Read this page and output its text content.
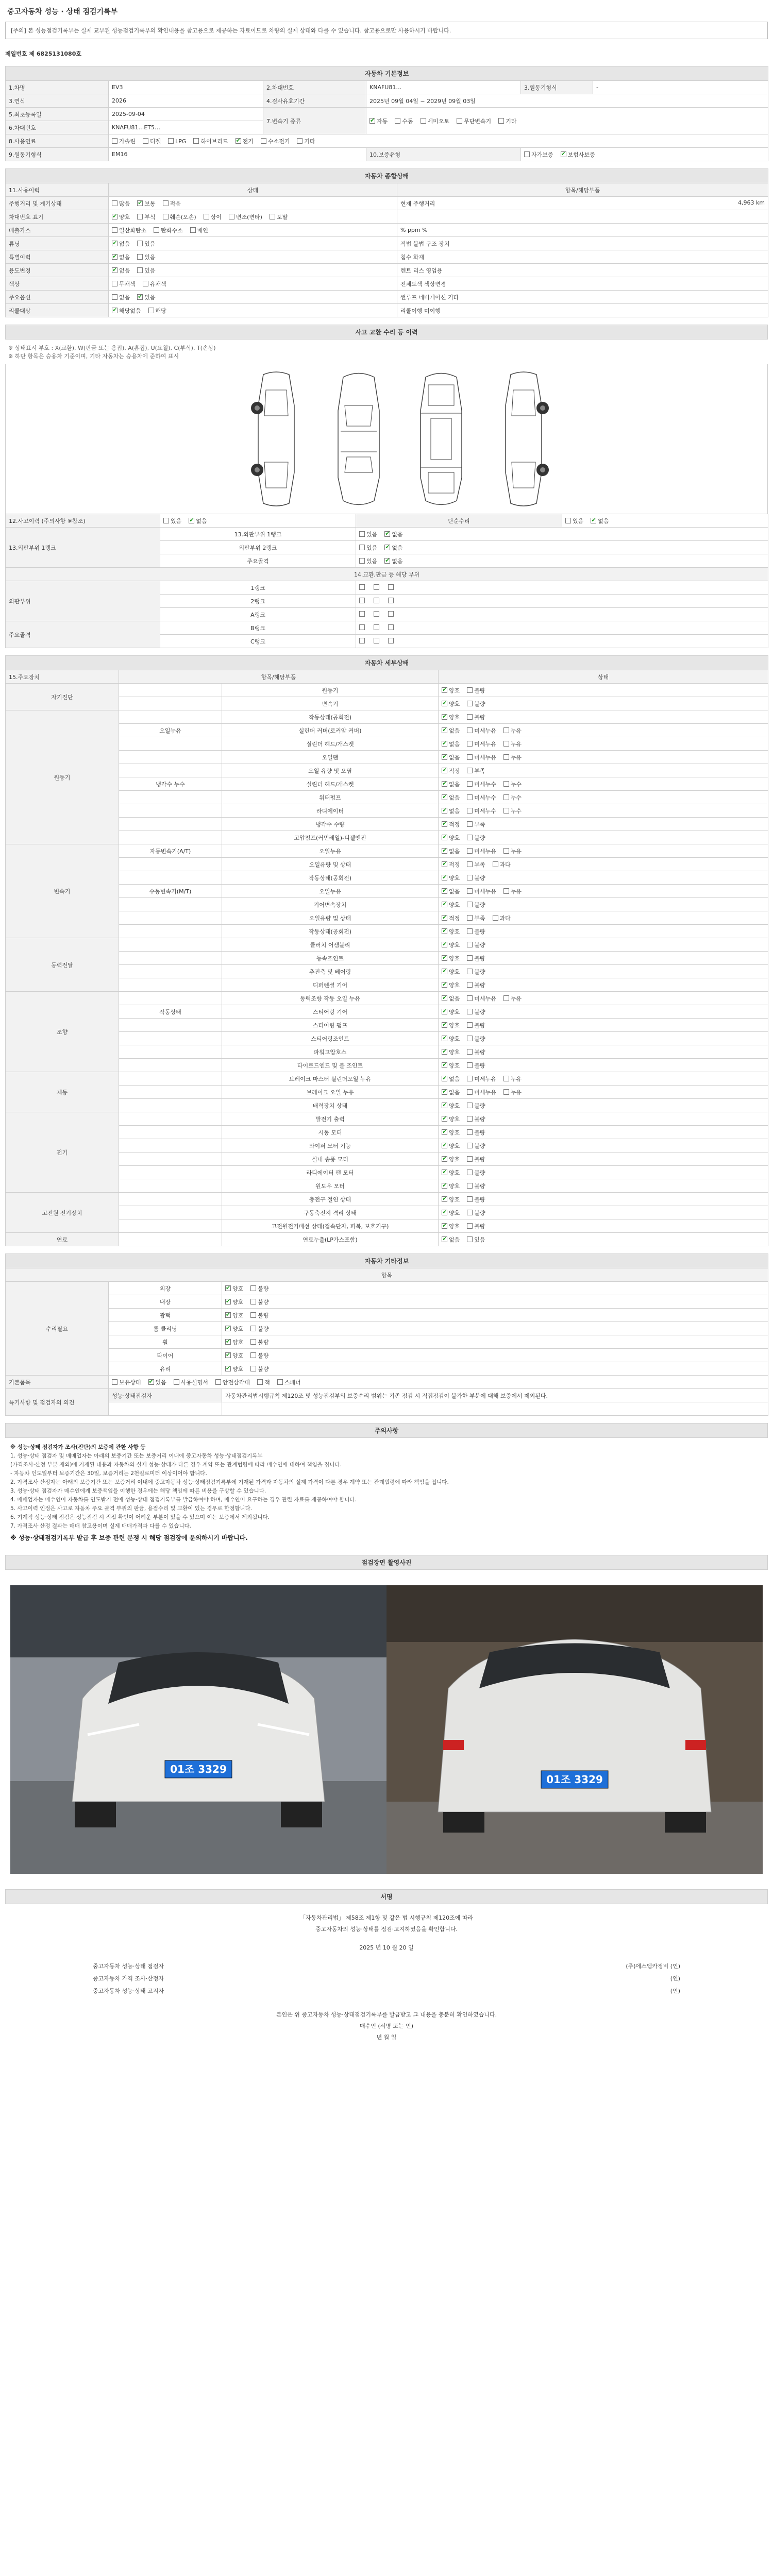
중고자동차 성능 · 상태 점검기록부
[주의] 본 성능점검기록부는 실제 교부된 성능점검기록부의 확인내용을 참고용으로 제공하는 자료이므로 차량의 실제 상태와 다를 수 있습니다. 참고용으로만 사용하시기 바랍니다.
제일번호 제 6825131080호
자동차 기본정보					
1.차명	EV3	2.차대번호	KNAFU81…	3.원동기형식	-
3.연식	2026	4.검사유효기간	2025년 09월 04일 ~ 2029년 09월 03일		
5.최초등록일	2025-09-04	7.변속기 종류	✔자동 수동 세미오토 무단변속기 기타
6.차대번호	KNAFU81…ET5…				
8.사용연료	가솔린 디젤 LPG 하이브리드 ✔ 전기 수소전기 기타
9.원동기형식	EM16		10.보증유형	자가보증 ✔ 보험사보증
자동차 종합상태		
11.사용이력	상태	항목/해당부품
주행거리 및 계기상태	많음 ✔ 보통 적음	현재 주행거리 4,963 km

차대번호 표기	✔양호 부식 훼손(오손) 상이 변조(변타) 도말	

배출가스	일산화탄소 탄화수소 매연	% ppm %

튜닝	✔없음 있음	적법 불법 구조 장치

특별이력	✔없음 있음	침수 화재

용도변경	✔없음 있음	렌트 리스 영업용

색상	무채색 유채색	전체도색 색상변경

주요옵션	없음 ✔ 있음	썬루프 네비게이션 기타

리콜대상	✔해당없음 해당	리콜이행 미이행
사고 교환 수리 등 이력
※ 상태표시 부호 : X(교환), W(판금 또는 용접), A(흠집), U(요철), C(부식), T(손상)
※ 하단 항목은 승용차 기준이며, 기타 자동차는 승용차에 준하여 표시
12.사고이력 (주의사항 ※참조)	있음 ✔ 없음	단순수리	있음 ✔ 없음
13.외판부위 1랭크	13.외판부위 1랭크	있음 ✔ 없음
	외판부위 2랭크	있음 ✔ 없음
	주요골격	있음 ✔ 없음
14.교환,판금 등 해당 부위			
외판부위	1랭크		
	2랭크		
	A랭크		
주요골격	B랭크		
	C랭크		
자동차 세부상태			
15.주요장치	항목/해당부품		상태
자기진단		원동기	✔양호 불량
		변속기	✔양호 불량
원동기		작동상태(공회전)	✔양호 불량
	오일누유	실린더 커버(로커암 커버)	✔없음 미세누유 누유
		실린더 헤드/개스켓	✔없음 미세누유 누유
		오일팬	✔없음 미세누유 누유
		오일 유량 및 오염	✔적정 부족
	냉각수 누수	실린더 헤드/개스켓	✔없음 미세누수 누수
		워터펌프	✔없음 미세누수 누수
		라디에이터	✔없음 미세누수 누수
		냉각수 수량	✔적정 부족
		고압펌프(커먼레일)-디젤엔진	✔양호 불량
변속기	자동변속기(A/T)	오일누유	✔없음 미세누유 누유
		오일유량 및 상태	✔적정 부족 과다
		작동상태(공회전)	✔양호 불량
	수동변속기(M/T)	오일누유	✔없음 미세누유 누유
		기어변속장치	✔양호 불량
		오일유량 및 상태	✔적정 부족 과다
		작동상태(공회전)	✔양호 불량
동력전달		클러치 어셈블리	✔양호 불량
		등속조인트	✔양호 불량
		추진축 및 베어링	✔양호 불량
		디퍼렌셜 기어	✔양호 불량
조향		동력조향 작동 오일 누유	✔없음 미세누유 누유
	작동상태	스티어링 기어	✔양호 불량
		스티어링 펌프	✔양호 불량
		스티어링조인트	✔양호 불량
		파워고압호스	✔양호 불량
		타이로드엔드 및 볼 조인트	✔양호 불량
제동		브레이크 마스터 실린더오일 누유	✔없음 미세누유 누유
		브레이크 오일 누유	✔없음 미세누유 누유
		배력장치 상태	✔양호 불량
전기		발전기 출력	✔양호 불량
		시동 모터	✔양호 불량
		와이퍼 모터 기능	✔양호 불량
		실내 송풍 모터	✔양호 불량
		라디에이터 팬 모터	✔양호 불량
		윈도우 모터	✔양호 불량
고전원 전기장치		충전구 절연 상태	✔양호 불량
		구동축전지 격리 상태	✔양호 불량
		고전원전기배선 상태(접속단자, 피복, 보호기구)	✔양호 불량
연료		연료누출(LP가스포함)	✔없음 있음
자동차 기타정보		
항목		
수리필요	외장	✔양호 불량
	내장	✔양호 불량
	광택	✔양호 불량
	룸 클리닝	✔양호 불량
	휠	✔양호 불량
	타이어	✔양호 불량
	유리	✔양호 불량
기본품목	보유상태 ✔ 있음 사용설명서 안전삼각대 잭 스패너
특기사항 및 점검자의 의견	성능·상태점검자	자동차관리법시행규칙 제120조 및 성능점검부의 보증수리 범위는 기존 점검 시 직접점검이 불가한 부분에 대해 보증에서 제외된다.

주의사항
※ 성능·상태 점검자가 조사(진단)의 보증에 관한 사항 등
1. 성능·상태 점검자 및 매매업자는 아래의 보증기간 또는 보증거리 이내에 중고자동차 성능·상태점검기록부
(가격조사·산정 부분 제외)에 기재된 내용과 자동차의 실제 성능·상태가 다른 경우 계약 또는 관계법령에 따라 매수인에 대하여 책임을 집니다.
- 자동차 인도일부터 보증기간은 30일, 보증거리는 2천킬로미터 이상이어야 합니다.
2. 가격조사·산정자는 아래의 보증기간 또는 보증거리 이내에 중고자동차 성능·상태점검기록부에 기재된 가격과 자동차의 실제 가격이 다른 경우 계약 또는 관계법령에 따라 책임을 집니다.
3. 성능·상태 점검자가 매수인에게 보증책임을 이행한 경우에는 해당 책임에 따른 비용을 구상할 수 있습니다.
4. 매매업자는 매수인이 자동차를 인도받기 전에 성능·상태 점검기록부를 발급하여야 하며, 매수인이 요구하는 경우 관련 자료를 제공하여야 합니다.
5. 사고이력 인정은 사고로 자동차 주요 골격 부위의 판금, 용접수리 및 교환이 있는 경우로 한정합니다.
6. 기계적 성능·상태 점검은 성능점검 시 직접 확인이 어려운 부분이 있을 수 있으며 이는 보증에서 제외됩니다.
7. 가격조사·산정 결과는 매매 참고용이며 실제 매매가격과 다를 수 있습니다.
※ 성능·상태점검기록부 발급 후 보증 관련 분쟁 시 해당 점검장에 문의하시기 바랍니다.
점검장면 촬영사진
01조 3329
01조 3329
서명
「자동차관리법」 제58조 제1항 및 같은 법 시행규칙 제120조에 따라
중고자동차의 성능·상태를 점검·고지하였음을 확인합니다.
2025 년 10 월 20 일
중고자동차 성능·상태 점검자	(주)에스엠카정비 (인)
중고자동차 가격 조사·산정자	(인)
중고자동차 성능·상태 고지자	(인)
본인은 위 중고자동차 성능·상태점검기록부를 발급받고 그 내용을 충분히 확인하였습니다.
매수인 (서명 또는 인)
년 월 일
